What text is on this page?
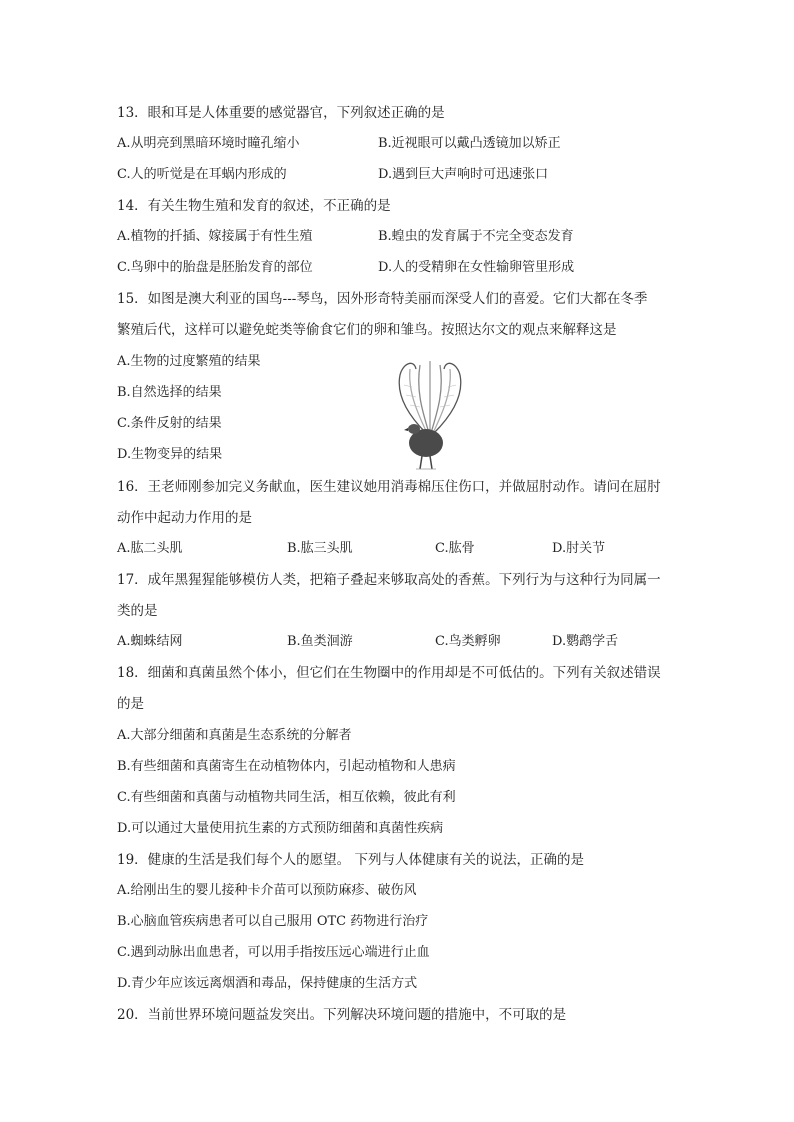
13．眼和耳是人体重要的感觉器官，下列叙述正确的是
A.从明亮到黑暗环境时瞳孔缩小	B.近视眼可以戴凸透镜加以矫正
C.人的听觉是在耳蜗内形成的	D.遇到巨大声响时可迅速张口
14．有关生物生殖和发育的叙述，不正确的是
A.植物的扦插、嫁接属于有性生殖	B.蝗虫的发育属于不完全变态发育
C.鸟卵中的胎盘是胚胎发育的部位	D.人的受精卵在女性输卵管里形成
15．如图是澳大利亚的国鸟---琴鸟，因外形奇特美丽而深受人们的喜爱。它们大都在冬季
繁殖后代，这样可以避免蛇类等偷食它们的卵和雏鸟。按照达尔文的观点来解释这是
A.生物的过度繁殖的结果
B.自然选择的结果
C.条件反射的结果
D.生物变异的结果
16．王老师刚参加完义务献血，医生建议她用消毒棉压住伤口，并做屈肘动作。请问在屈肘
动作中起动力作用的是
A.肱二头肌	B.肱三头肌	C.肱骨	D.肘关节
17．成年黑猩猩能够模仿人类，把箱子叠起来够取高处的香蕉。下列行为与这种行为同属一
类的是
A.蜘蛛结网	B.鱼类洄游	C.鸟类孵卵	D.鹦鹉学舌
18．细菌和真菌虽然个体小，但它们在生物圈中的作用却是不可低估的。下列有关叙述错误
的是
A.大部分细菌和真菌是生态系统的分解者
B.有些细菌和真菌寄生在动植物体内，引起动植物和人患病
C.有些细菌和真菌与动植物共同生活，相互依赖，彼此有利
D.可以通过大量使用抗生素的方式预防细菌和真菌性疾病
19．健康的生活是我们每个人的愿望。 下列与人体健康有关的说法，正确的是
A.给刚出生的婴儿接种卡介苗可以预防麻疹、破伤风
B.心脑血管疾病患者可以自己服用 OTC 药物进行治疗
C.遇到动脉出血患者，可以用手指按压远心端进行止血
D.青少年应该远离烟酒和毒品，保持健康的生活方式
20．当前世界环境问题益发突出。下列解决环境问题的措施中，不可取的是
